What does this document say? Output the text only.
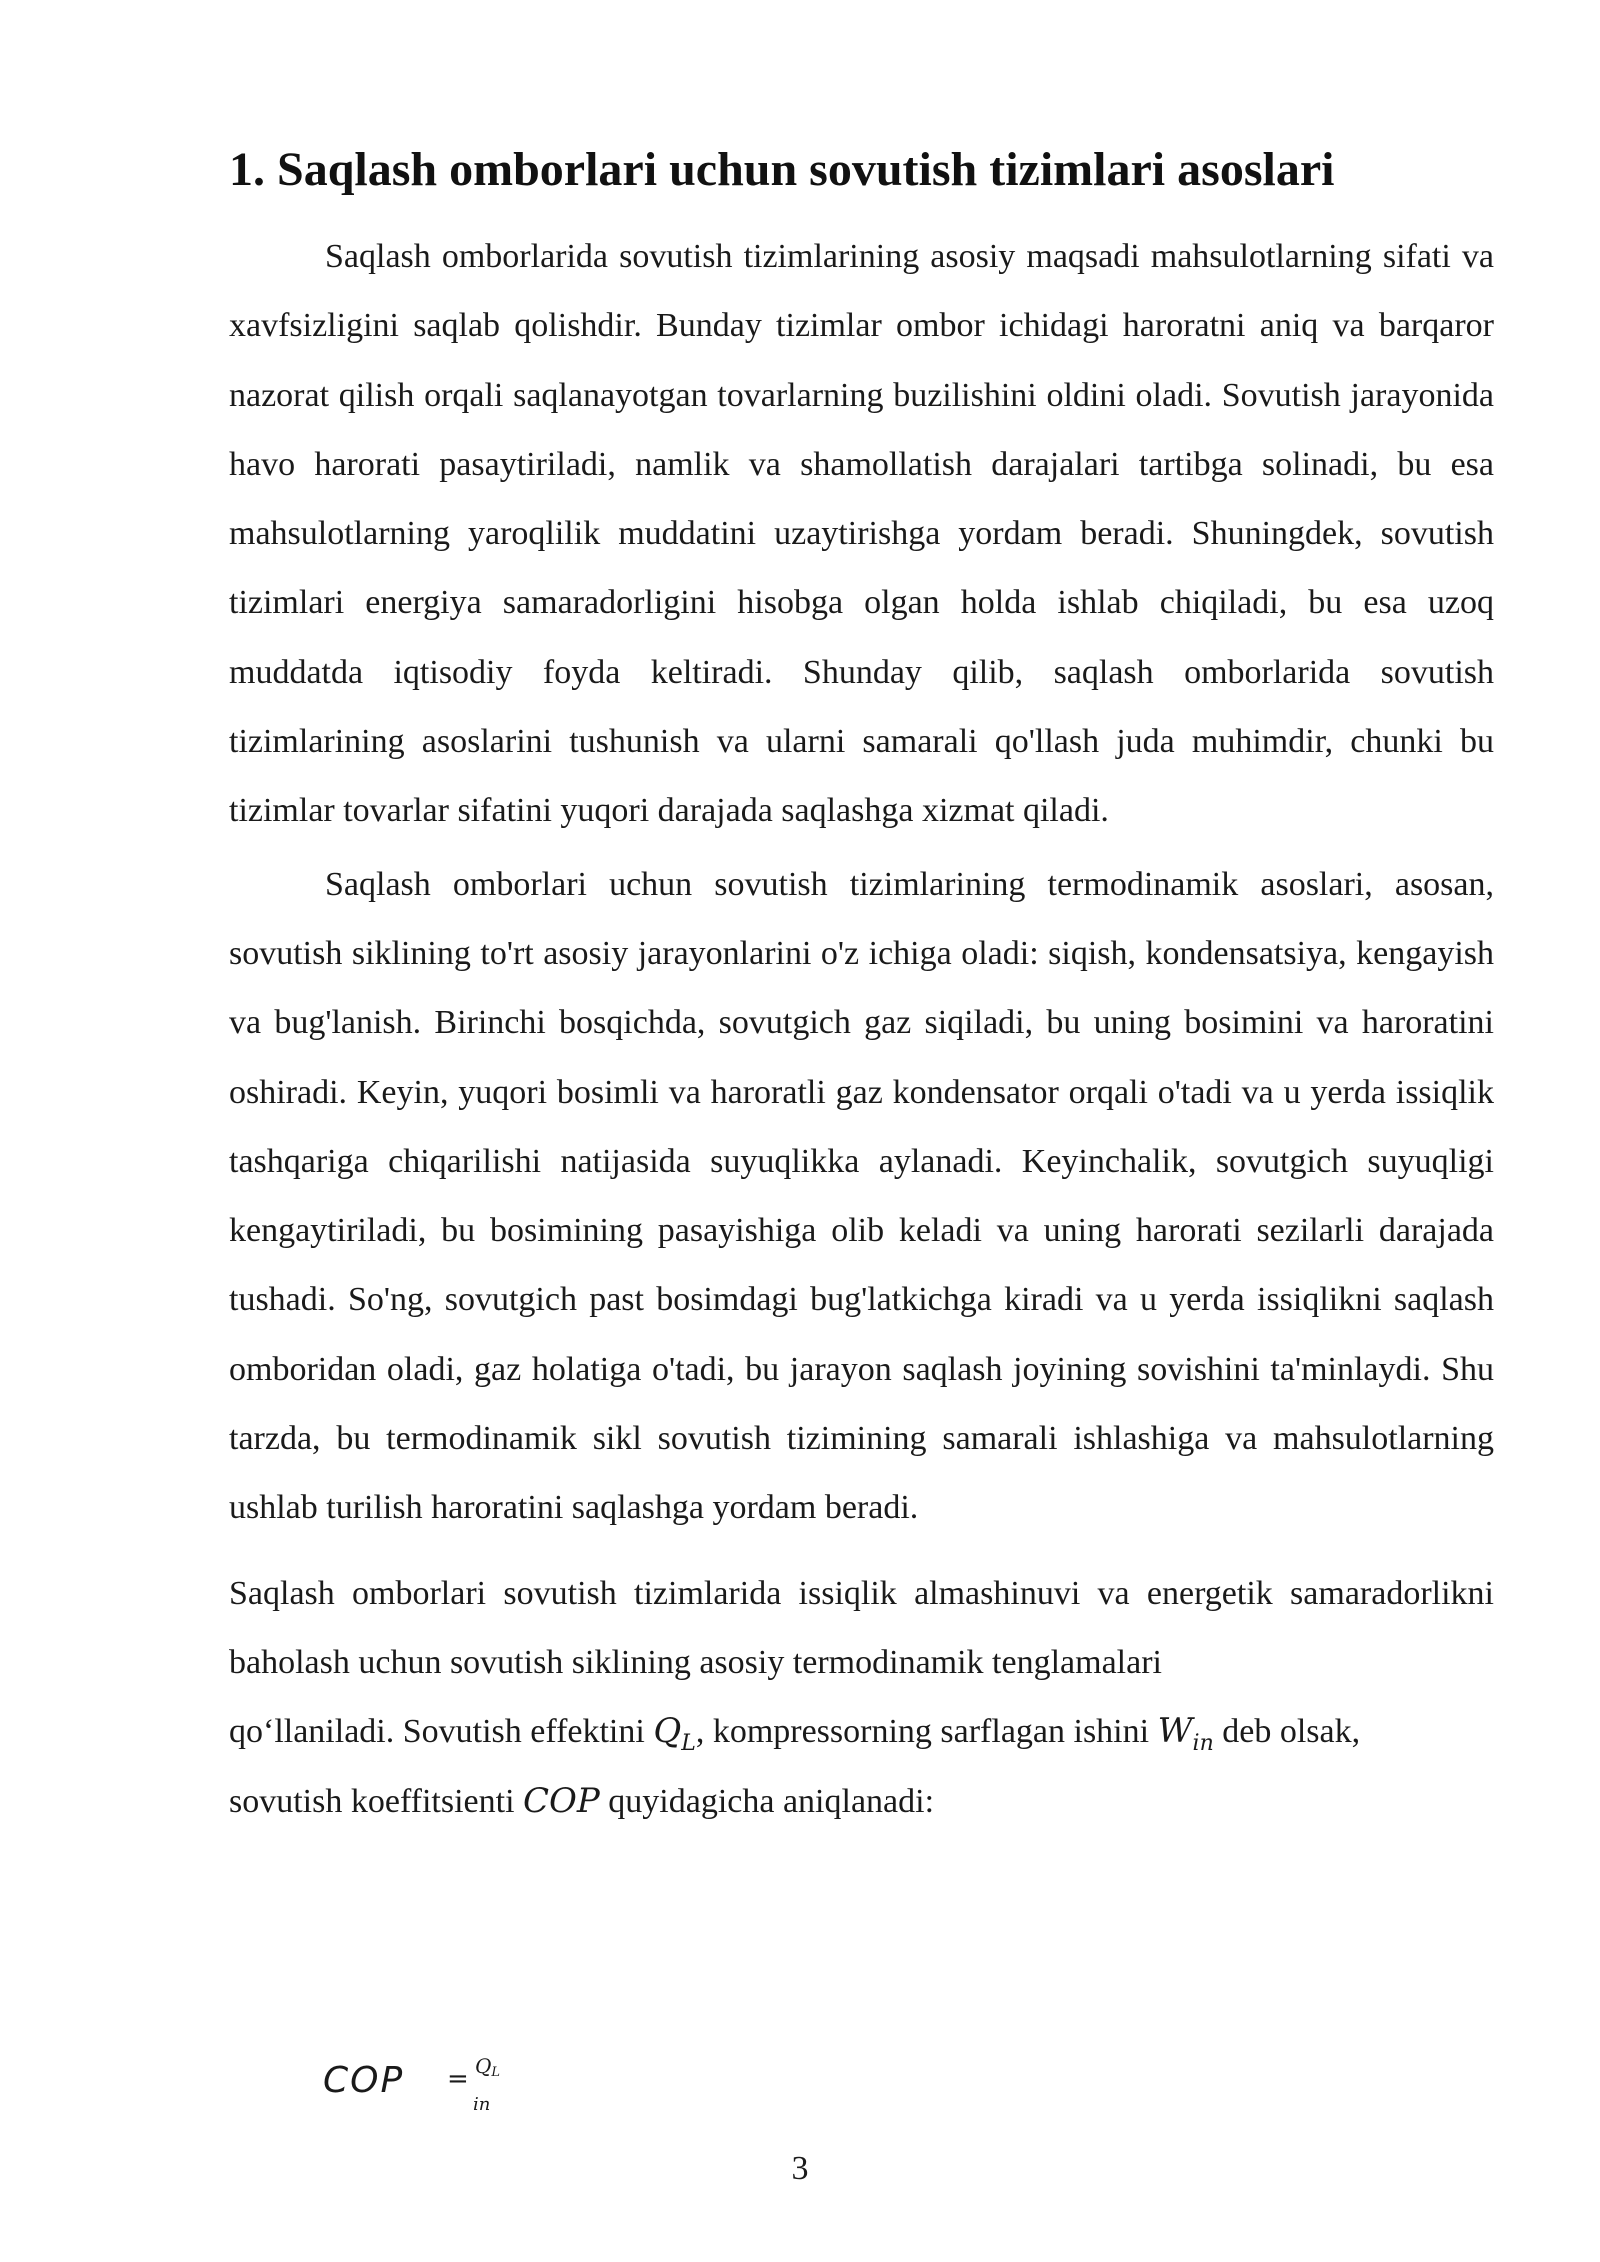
1. Saqlash omborlari uchun sovutish tizimlari asoslari

Saqlash omborlarida sovutish tizimlarining asosiy maqsadi mahsulotlarning sifati va xavfsizligini saqlab qolishdir. Bunday tizimlar ombor ichidagi haroratni aniq va barqaror nazorat qilish orqali saqlanayotgan tovarlarning buzilishini oldini oladi. Sovutish jarayonida havo harorati pasaytiriladi, namlik va shamollatish darajalari tartibga solinadi, bu esa mahsulotlarning yaroqlilik muddatini uzaytirishga yordam beradi. Shuningdek, sovutish tizimlari energiya samaradorligini hisobga olgan holda ishlab chiqiladi, bu esa uzoq muddatda iqtisodiy foyda keltiradi. Shunday qilib, saqlash omborlarida sovutish tizimlarining asoslarini tushunish va ularni samarali qo'llash juda muhimdir, chunki bu tizimlar tovarlar sifatini yuqori darajada saqlashga xizmat qiladi.

Saqlash omborlari uchun sovutish tizimlarining termodinamik asoslari, asosan, sovutish siklining to'rt asosiy jarayonlarini o'z ichiga oladi: siqish, kondensatsiya, kengayish va bug'lanish. Birinchi bosqichda, sovutgich gaz siqiladi, bu uning bosimini va haroratini oshiradi. Keyin, yuqori bosimli va haroratli gaz kondensator orqali o'tadi va u yerda issiqlik tashqariga chiqarilishi natijasida suyuqlikka aylanadi. Keyinchalik, sovutgich suyuqligi kengaytiriladi, bu bosimining pasayishiga olib keladi va uning harorati sezilarli darajada tushadi. So'ng, sovutgich past bosimdagi bug'latkichga kiradi va u yerda issiqlikni saqlash omboridan oladi, gaz holatiga o'tadi, bu jarayon saqlash joyining sovishini ta'minlaydi. Shu tarzda, bu termodinamik sikl sovutish tizimining samarali ishlashiga va mahsulotlarning ushlab turilish haroratini saqlashga yordam beradi.

Saqlash omborlari sovutish tizimlarida issiqlik almashinuvi va energetik samaradorlikni baholash uchun sovutish siklining asosiy termodinamik tenglamalari

qo‘llaniladi. Sovutish effektini $Q_L$, kompressorning sarflagan ishini $W_{in}$ deb olsak,
sovutish koeffitsienti COP quyidagicha aniqlanadi:

COP = $Q_L$
in
3
